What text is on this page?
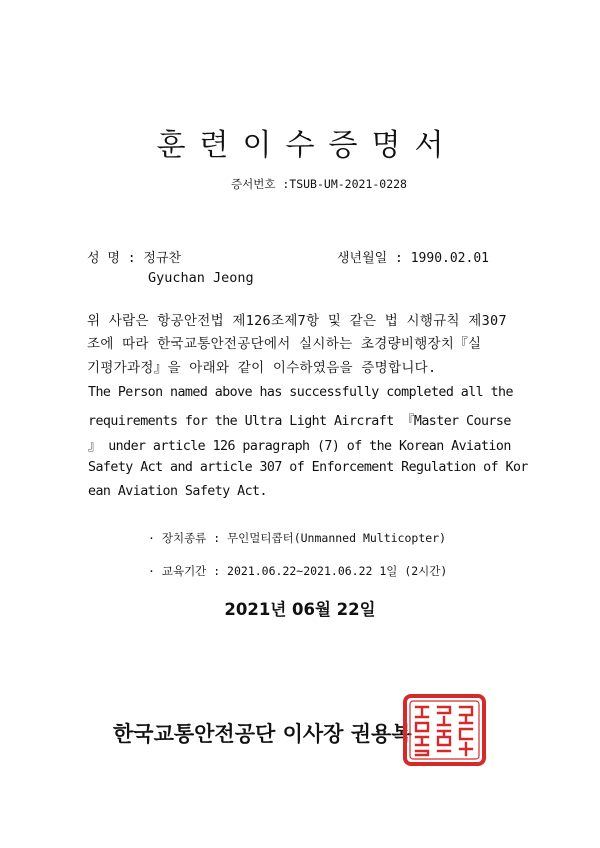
훈련이수증명서
증서번호 :TSUB-UM-2021-0228
성 명 : 정규찬	생년월일 : 1990.02.01
Gyuchan Jeong
위 사람은 항공안전법 제126조제7항 및 같은 법 시행규칙 제307
조에 따라 한국교통안전공단에서 실시하는 초경량비행장치『실
기평가과정』을 아래와 같이 이수하였음을 증명합니다.
The Person named above has successfully completed all the
requirements for the Ultra Light Aircraft 『Master Course
』 under article 126 paragraph (7) of the Korean Aviation
Safety Act and article 307 of Enforcement Regulation of Kor
ean Aviation Safety Act.
· 장치종류 : 무인멀티콥터(Unmanned Multicopter)
· 교육기간 : 2021.06.22~2021.06.22 1일 (2시간)
2021년 06월 22일
한국교통안전공단 이사장 권용복
